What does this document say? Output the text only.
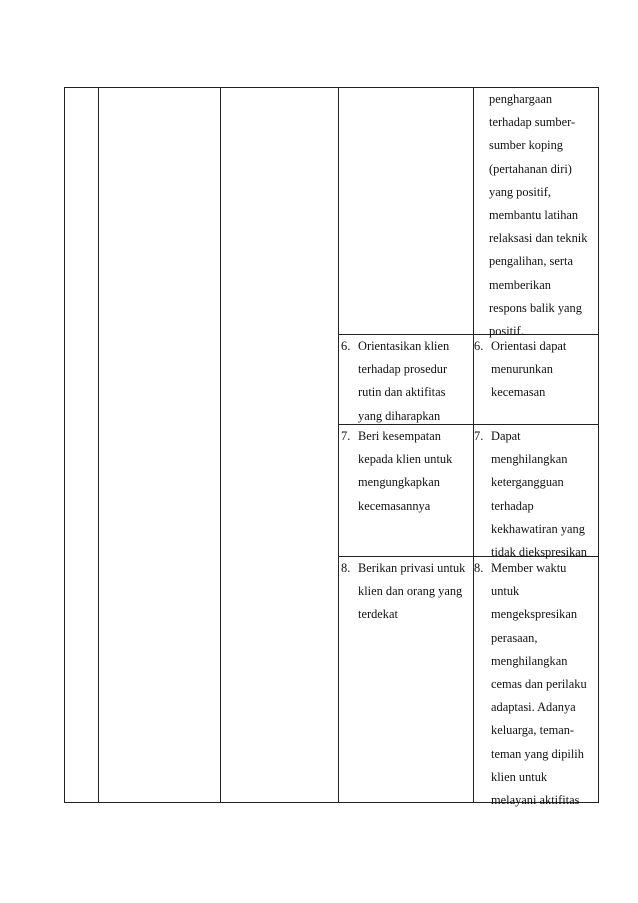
penghargaan
terhadap sumber-
sumber koping
(pertahanan diri)
yang positif,
membantu latihan
relaksasi dan teknik
pengalihan, serta
memberikan
respons balik yang
positif.
6. Orientasikan klien
terhadap prosedur
rutin dan aktifitas
yang diharapkan
6. Orientasi dapat
menurunkan
kecemasan
7. Beri kesempatan
kepada klien untuk
mengungkapkan
kecemasannya
7. Dapat
menghilangkan
ketergangguan
terhadap
kekhawatiran yang
tidak diekspresikan
8. Berikan privasi untuk
klien dan orang yang
terdekat
8. Member waktu
untuk
mengekspresikan
perasaan,
menghilangkan
cemas dan perilaku
adaptasi. Adanya
keluarga, teman-
teman yang dipilih
klien untuk
melayani aktifitas
